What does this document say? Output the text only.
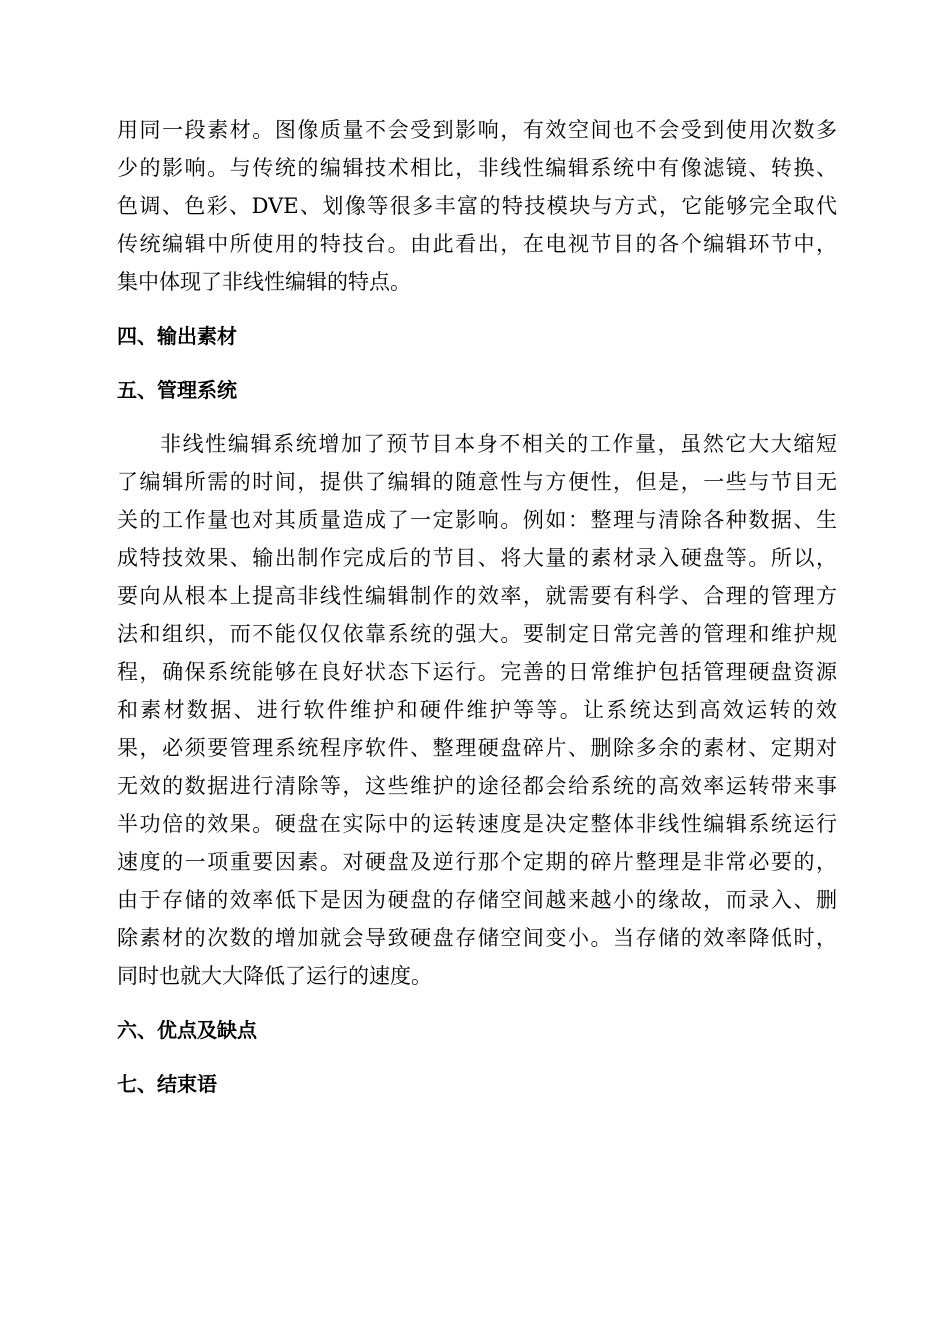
用同一段素材。图像质量不会受到影响，有效空间也不会受到使用次数多
少的影响。与传统的编辑技术相比，非线性编辑系统中有像滤镜、转换、
色调、色彩、DVE、划像等很多丰富的特技模块与方式，它能够完全取代
传统编辑中所使用的特技台。由此看出，在电视节目的各个编辑环节中，
集中体现了非线性编辑的特点。
四、输出素材
五、管理系统
非线性编辑系统增加了预节目本身不相关的工作量，虽然它大大缩短
了编辑所需的时间，提供了编辑的随意性与方便性，但是，一些与节目无
关的工作量也对其质量造成了一定影响。例如：整理与清除各种数据、生
成特技效果、输出制作完成后的节目、将大量的素材录入硬盘等。所以，
要向从根本上提高非线性编辑制作的效率，就需要有科学、合理的管理方
法和组织，而不能仅仅依靠系统的强大。要制定日常完善的管理和维护规
程，确保系统能够在良好状态下运行。完善的日常维护包括管理硬盘资源
和素材数据、进行软件维护和硬件维护等等。让系统达到高效运转的效
果，必须要管理系统程序软件、整理硬盘碎片、删除多余的素材、定期对
无效的数据进行清除等，这些维护的途径都会给系统的高效率运转带来事
半功倍的效果。硬盘在实际中的运转速度是决定整体非线性编辑系统运行
速度的一项重要因素。对硬盘及逆行那个定期的碎片整理是非常必要的，
由于存储的效率低下是因为硬盘的存储空间越来越小的缘故，而录入、删
除素材的次数的增加就会导致硬盘存储空间变小。当存储的效率降低时，
同时也就大大降低了运行的速度。
六、优点及缺点
七、结束语
